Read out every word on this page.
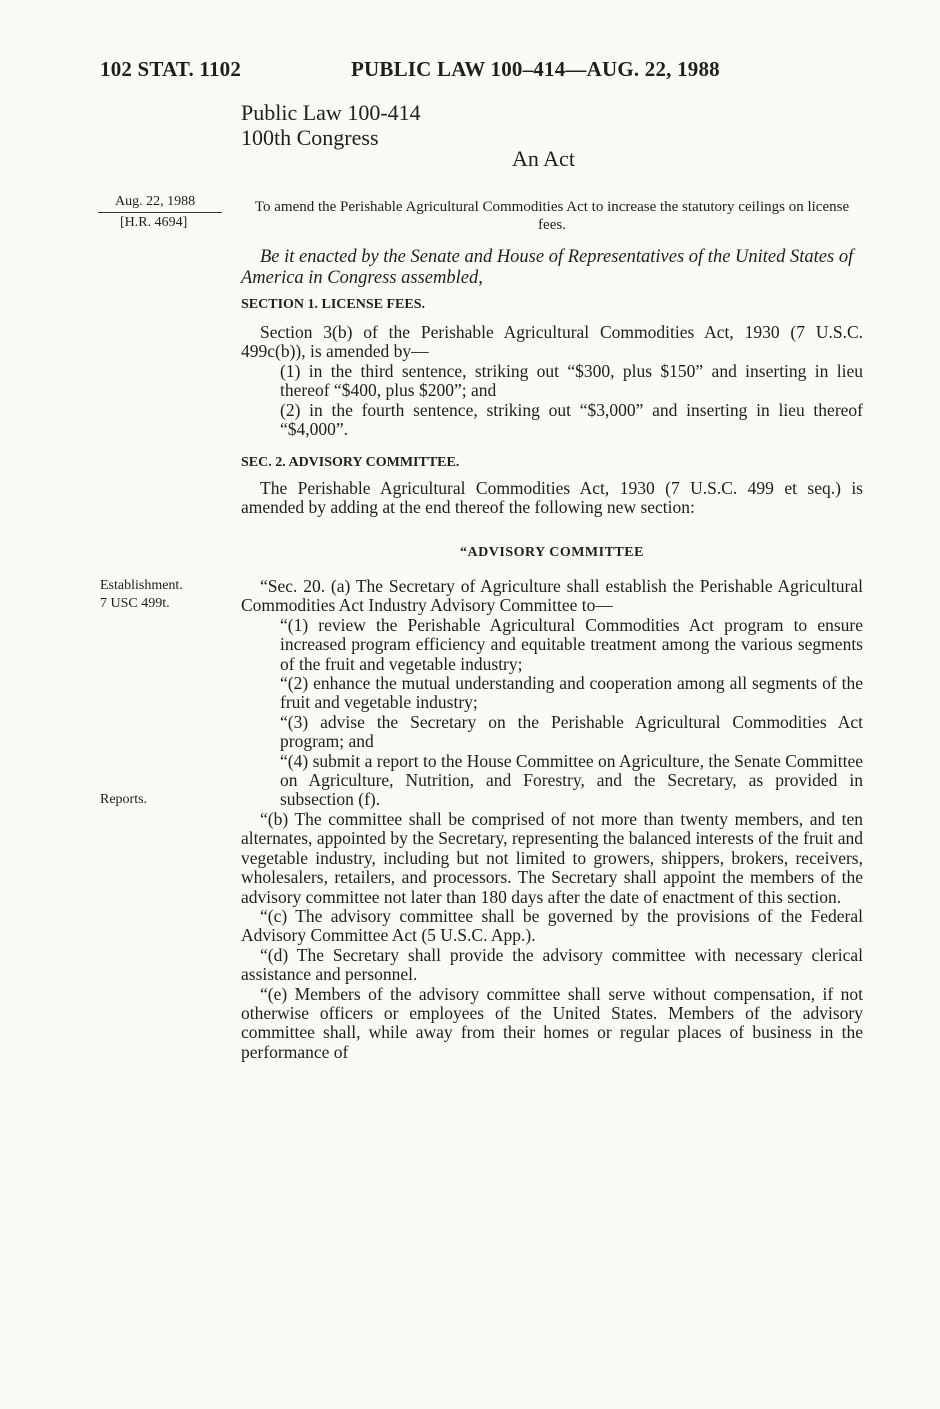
102 STAT. 1102	PUBLIC LAW 100–414—AUG. 22, 1988
Public Law 100-414
100th Congress
An Act
Aug. 22, 1988
[H.R. 4694]
To amend the Perishable Agricultural Commodities Act to increase the statutory ceilings on license fees.
Be it enacted by the Senate and House of Representatives of the United States of America in Congress assembled,
SECTION 1. LICENSE FEES.

Section 3(b) of the Perishable Agricultural Commodities Act, 1930 (7 U.S.C. 499c(b)), is amended by—

(1) in the third sentence, striking out “$300, plus $150” and inserting in lieu thereof “$400, plus $200”; and

(2) in the fourth sentence, striking out “$3,000” and inserting in lieu thereof “$4,000”.

SEC. 2. ADVISORY COMMITTEE.

The Perishable Agricultural Commodities Act, 1930 (7 U.S.C. 499 et seq.) is amended by adding at the end thereof the following new section:

“ADVISORY COMMITTEE
Establishment.
7 USC 499t.
Reports.

“Sec. 20. (a) The Secretary of Agriculture shall establish the Perishable Agricultural Commodities Act Industry Advisory Committee to—

“(1) review the Perishable Agricultural Commodities Act program to ensure increased program efficiency and equitable treatment among the various segments of the fruit and vegetable industry;

“(2) enhance the mutual understanding and cooperation among all segments of the fruit and vegetable industry;

“(3) advise the Secretary on the Perishable Agricultural Commodities Act program; and

“(4) submit a report to the House Committee on Agriculture, the Senate Committee on Agriculture, Nutrition, and Forestry, and the Secretary, as provided in subsection (f).

“(b) The committee shall be comprised of not more than twenty members, and ten alternates, appointed by the Secretary, representing the balanced interests of the fruit and vegetable industry, including but not limited to growers, shippers, brokers, receivers, wholesalers, retailers, and processors. The Secretary shall appoint the members of the advisory committee not later than 180 days after the date of enactment of this section.

“(c) The advisory committee shall be governed by the provisions of the Federal Advisory Committee Act (5 U.S.C. App.).

“(d) The Secretary shall provide the advisory committee with necessary clerical assistance and personnel.

“(e) Members of the advisory committee shall serve without compensation, if not otherwise officers or employees of the United States. Members of the advisory committee shall, while away from their homes or regular places of business in the performance of
